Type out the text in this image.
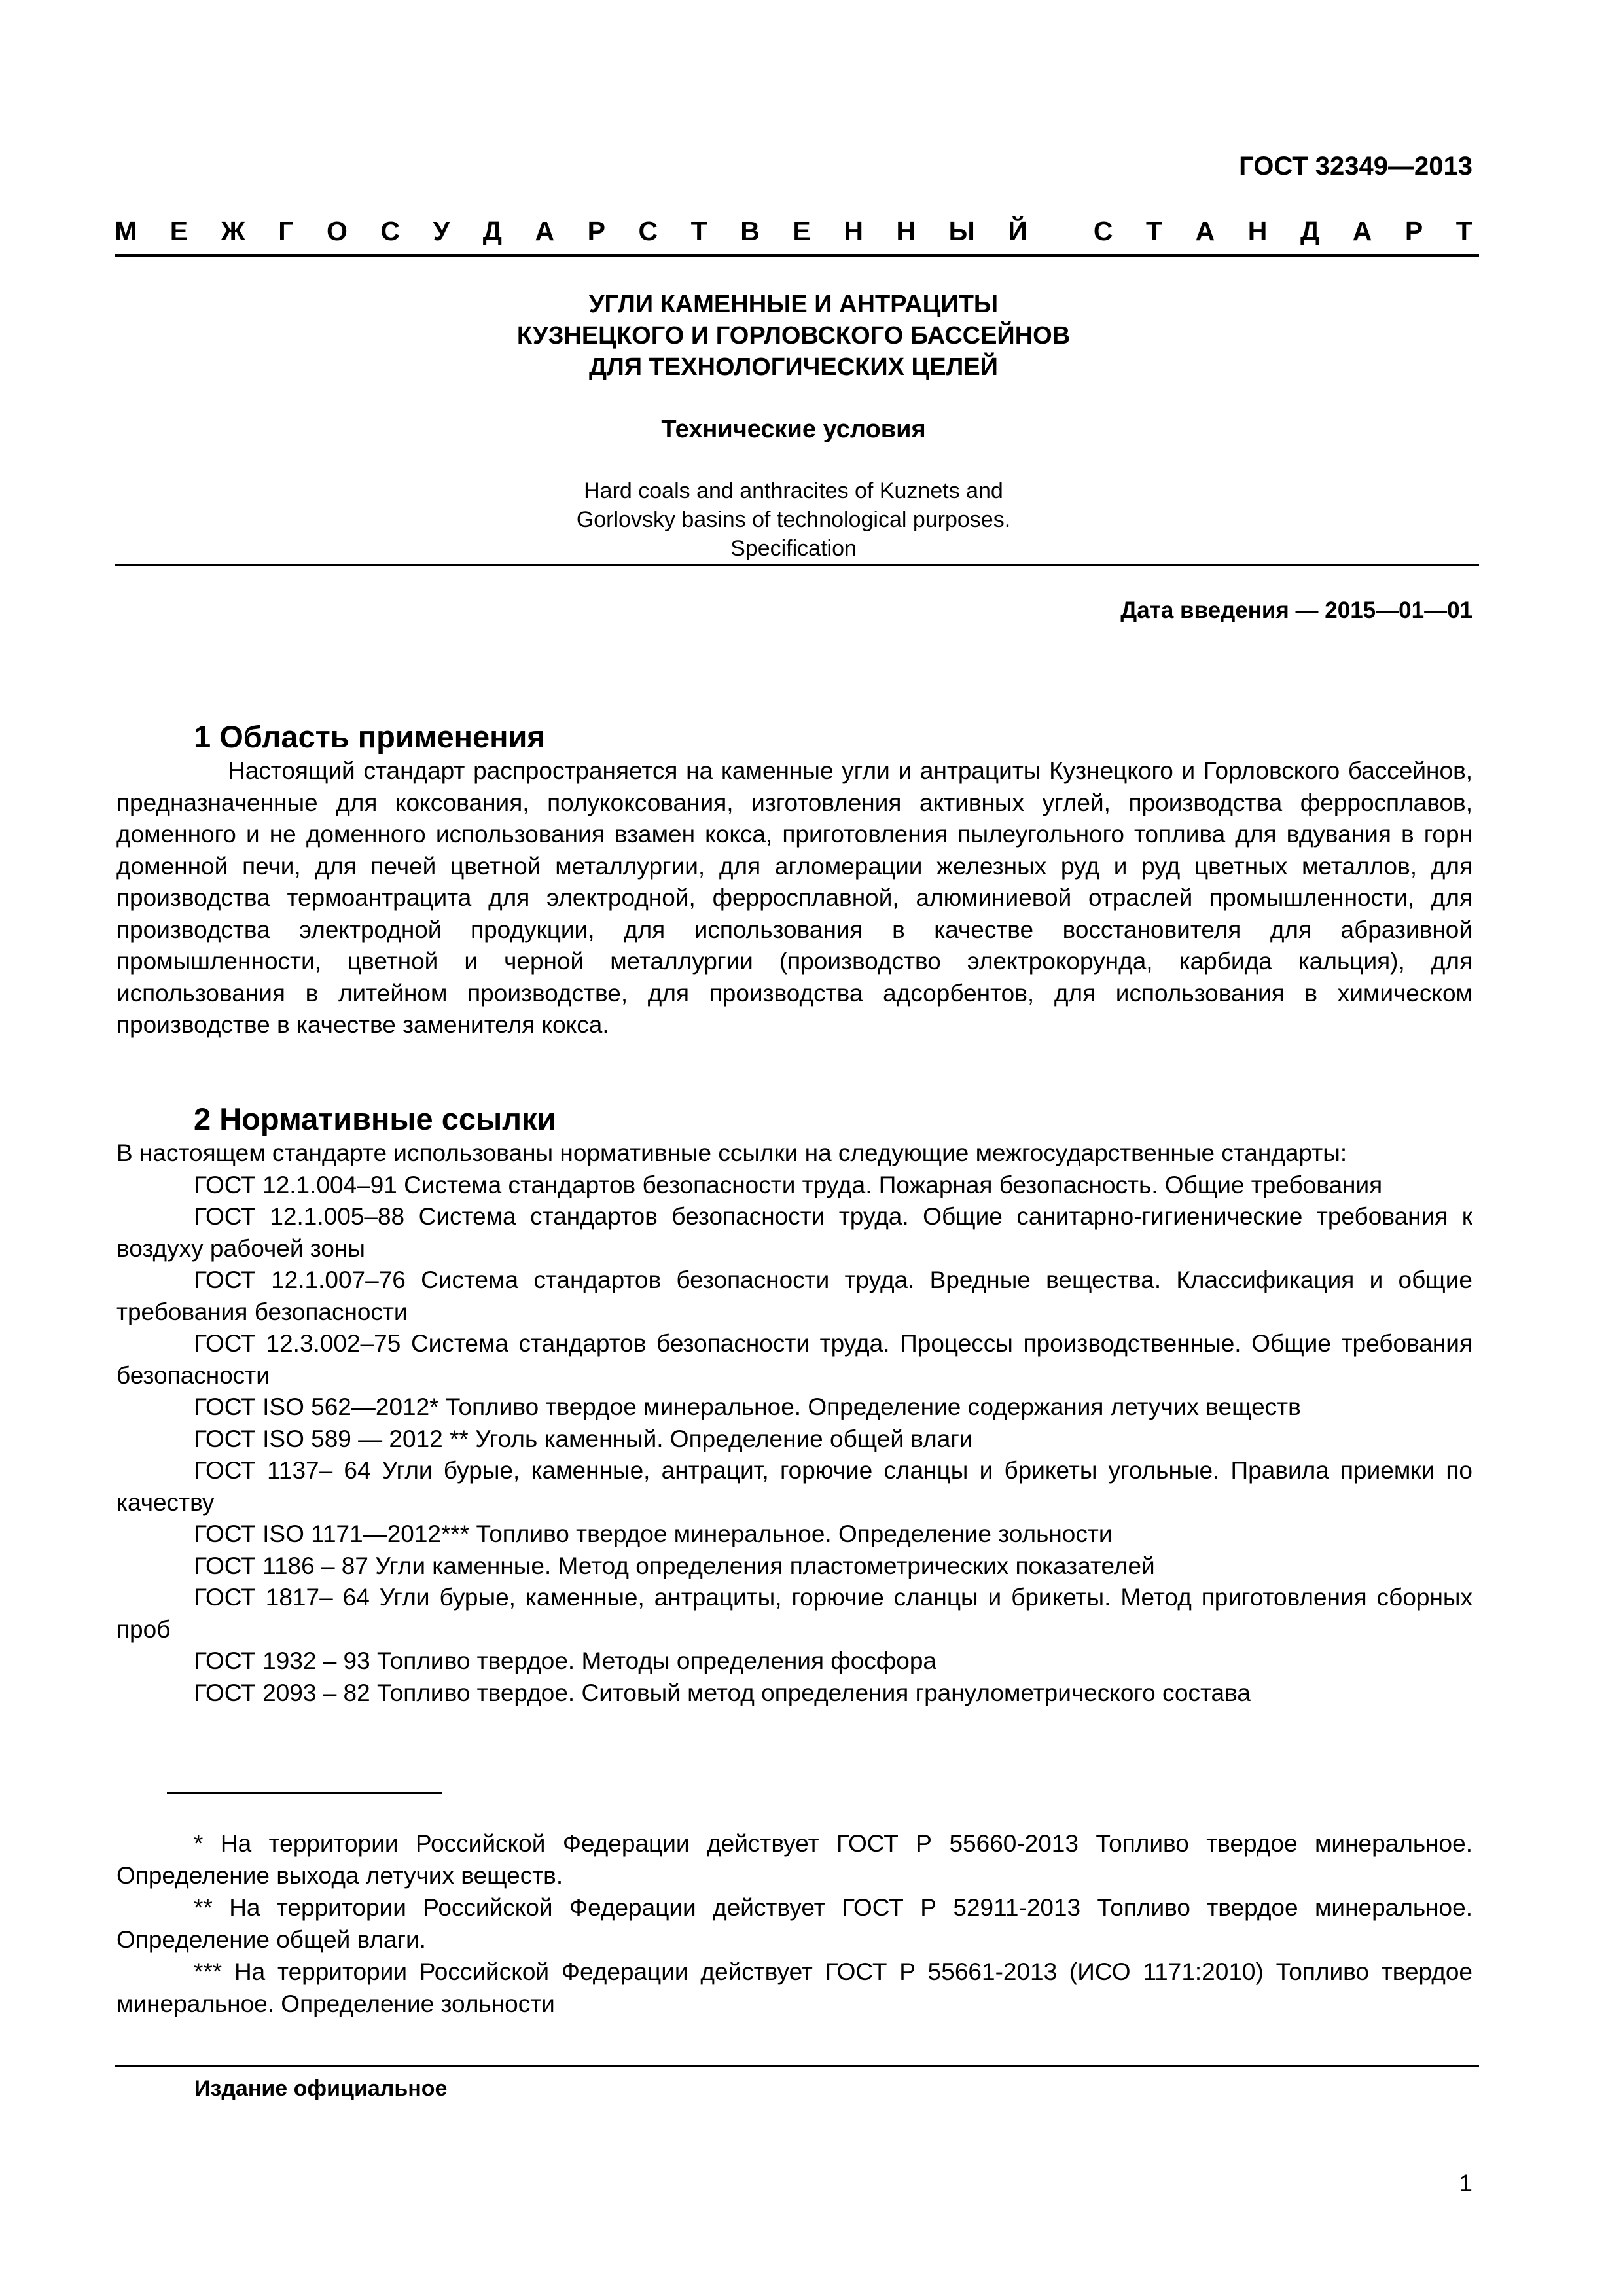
ГОСТ 32349—2013
М Е Ж Г О С У Д А Р С Т В Е Н Н Ы Й С Т А Н Д А Р Т
УГЛИ КАМЕННЫЕ И АНТРАЦИТЫ
КУЗНЕЦКОГО И ГОРЛОВСКОГО БАССЕЙНОВ
ДЛЯ ТЕХНОЛОГИЧЕСКИХ ЦЕЛЕЙ
Технические условия
Hard coals and anthracites of Kuznets and
Gorlovsky basins of technological purposes.
Specification
Дата введения — 2015—01—01
1 Область применения
Настоящий стандарт распространяется на каменные угли и антрациты Кузнецкого и Горловского бассейнов, предназначенные для коксования, полукоксования, изготовления активных углей, производства ферросплавов, доменного и не доменного использования взамен кокса, приготовления пылеугольного топлива для вдувания в горн доменной печи, для печей цветной металлургии, для агломерации железных руд и руд цветных металлов, для производства термоантрацита для электродной, ферросплавной, алюминиевой отраслей промышленности, для производства электродной продукции, для использования в качестве восстановителя для абразивной промышленности, цветной и черной металлургии (производство электрокорунда, карбида кальция), для использования в литейном производстве, для производства адсорбентов, для использования в химическом производстве в качестве заменителя кокса.
2 Нормативные ссылки
В настоящем стандарте использованы нормативные ссылки на следующие межгосударственные стандарты:
ГОСТ 12.1.004–91 Система стандартов безопасности труда. Пожарная безопасность. Общие требования
ГОСТ 12.1.005–88 Система стандартов безопасности труда. Общие санитарно-гигиенические требования к воздуху рабочей зоны
ГОСТ 12.1.007–76 Система стандартов безопасности труда. Вредные вещества. Классификация и общие требования безопасности
ГОСТ 12.3.002–75 Система стандартов безопасности труда. Процессы производственные. Общие требования безопасности
ГОСТ ISO 562—2012* Топливо твердое минеральное. Определение содержания летучих веществ
ГОСТ ISO 589 — 2012 ** Уголь каменный. Определение общей влаги
ГОСТ 1137– 64 Угли бурые, каменные, антрацит, горючие сланцы и брикеты угольные. Правила приемки по качеству
ГОСТ ISO 1171—2012*** Топливо твердое минеральное. Определение зольности
ГОСТ 1186 – 87 Угли каменные. Метод определения пластометрических показателей
ГОСТ 1817– 64 Угли бурые, каменные, антрациты, горючие сланцы и брикеты. Метод приготовления сборных проб
ГОСТ 1932 – 93 Топливо твердое. Методы определения фосфора
ГОСТ 2093 – 82 Топливо твердое. Ситовый метод определения гранулометрического состава
* На территории Российской Федерации действует ГОСТ Р 55660-2013 Топливо твердое минеральное. Определение выхода летучих веществ.
** На территории Российской Федерации действует ГОСТ Р 52911-2013 Топливо твердое минеральное. Определение общей влаги.
*** На территории Российской Федерации действует ГОСТ Р 55661-2013 (ИСО 1171:2010) Топливо твердое минеральное. Определение зольности
Издание официальное
1
